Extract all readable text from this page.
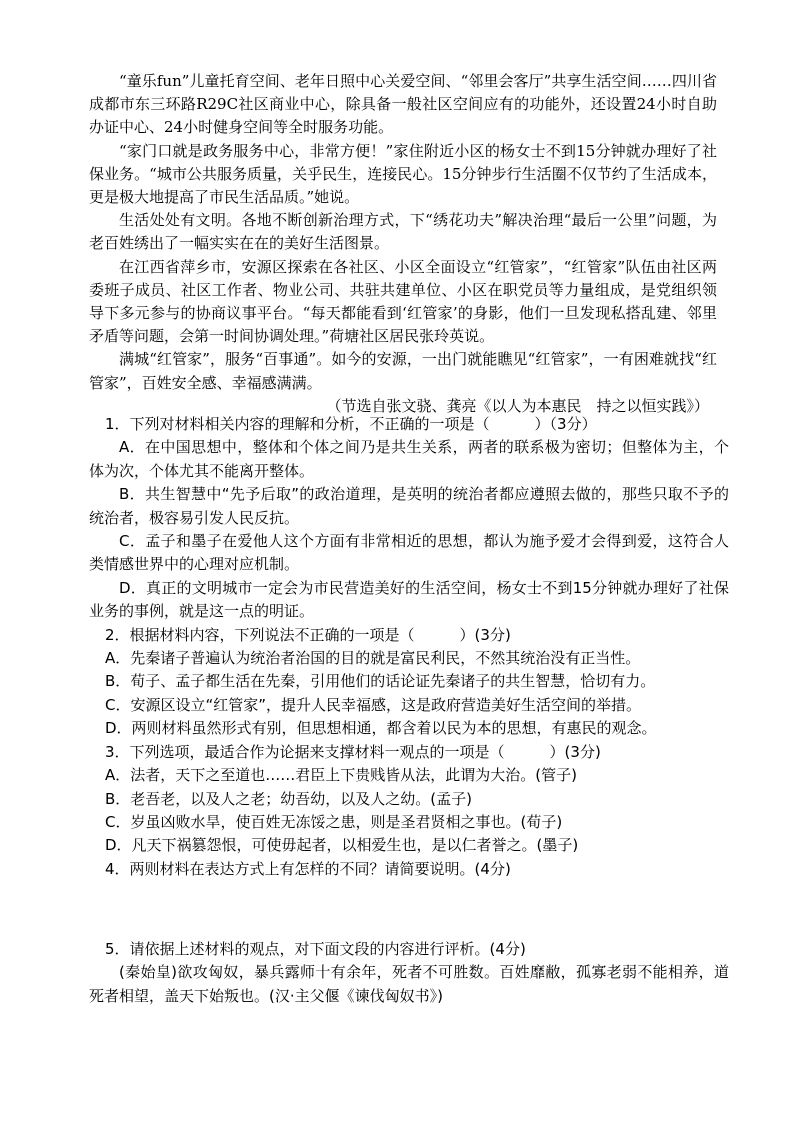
“童乐fun”儿童托育空间、老年日照中心关爱空间、“邻里会客厅”共享生活空间……四川省成都市东三环路R29C社区商业中心，除具备一般社区空间应有的功能外，还设置24小时自助办证中心、24小时健身空间等全时服务功能。

“家门口就是政务服务中心，非常方便！”家住附近小区的杨女士不到15分钟就办理好了社保业务。“城市公共服务质量，关乎民生，连接民心。15分钟步行生活圈不仅节约了生活成本，更是极大地提高了市民生活品质。”她说。

生活处处有文明。各地不断创新治理方式，下“绣花功夫”解决治理“最后一公里”问题，为老百姓绣出了一幅实实在在的美好生活图景。

在江西省萍乡市，安源区探索在各社区、小区全面设立“红管家”，“红管家”队伍由社区两委班子成员、社区工作者、物业公司、共驻共建单位、小区在职党员等力量组成，是党组织领导下多元参与的协商议事平台。“每天都能看到‘红管家’的身影，他们一旦发现私搭乱建、邻里矛盾等问题，会第一时间协调处理。”荷塘社区居民张玲英说。

满城“红管家”，服务“百事通”。如今的安源，一出门就能瞧见“红管家”，一有困难就找“红管家”，百姓安全感、幸福感满满。

（节选自张文骁、龚亮《以人为本惠民　持之以恒实践》）

1．下列对材料相关内容的理解和分析，不正确的一项是（　　　）（3分）

A．在中国思想中，整体和个体之间乃是共生关系，两者的联系极为密切；但整体为主，个体为次，个体尤其不能离开整体。

B．共生智慧中“先予后取”的政治道理，是英明的统治者都应遵照去做的，那些只取不予的统治者，极容易引发人民反抗。

C．孟子和墨子在爱他人这个方面有非常相近的思想，都认为施予爱才会得到爱，这符合人类情感世界中的心理对应机制。

D．真正的文明城市一定会为市民营造美好的生活空间，杨女士不到15分钟就办理好了社保业务的事例，就是这一点的明证。

2．根据材料内容，下列说法不正确的一项是（　　　）(3分)

A．先秦诸子普遍认为统治者治国的目的就是富民利民，不然其统治没有正当性。

B．荀子、孟子都生活在先秦，引用他们的话论证先秦诸子的共生智慧，恰切有力。

C．安源区设立“红管家”，提升人民幸福感，这是政府营造美好生活空间的举措。

D．两则材料虽然形式有别，但思想相通，都含着以民为本的思想，有惠民的观念。

3．下列选项，最适合作为论据来支撑材料一观点的一项是（　　　）(3分)

A．法者，天下之至道也……君臣上下贵贱皆从法，此谓为大治。(管子)

B．老吾老，以及人之老；幼吾幼，以及人之幼。(孟子)

C．岁虽凶败水旱，使百姓无冻馁之患，则是圣君贤相之事也。(荀子)

D．凡天下祸篡怨恨，可使毋起者，以相爱生也，是以仁者誉之。(墨子)

4．两则材料在表达方式上有怎样的不同？请简要说明。(4分)

5．请依据上述材料的观点，对下面文段的内容进行评析。(4分)

(秦始皇)欲攻匈奴，暴兵露师十有余年，死者不可胜数。百姓靡敝，孤寡老弱不能相养，道死者相望，盖天下始叛也。(汉·主父偃《谏伐匈奴书》)
